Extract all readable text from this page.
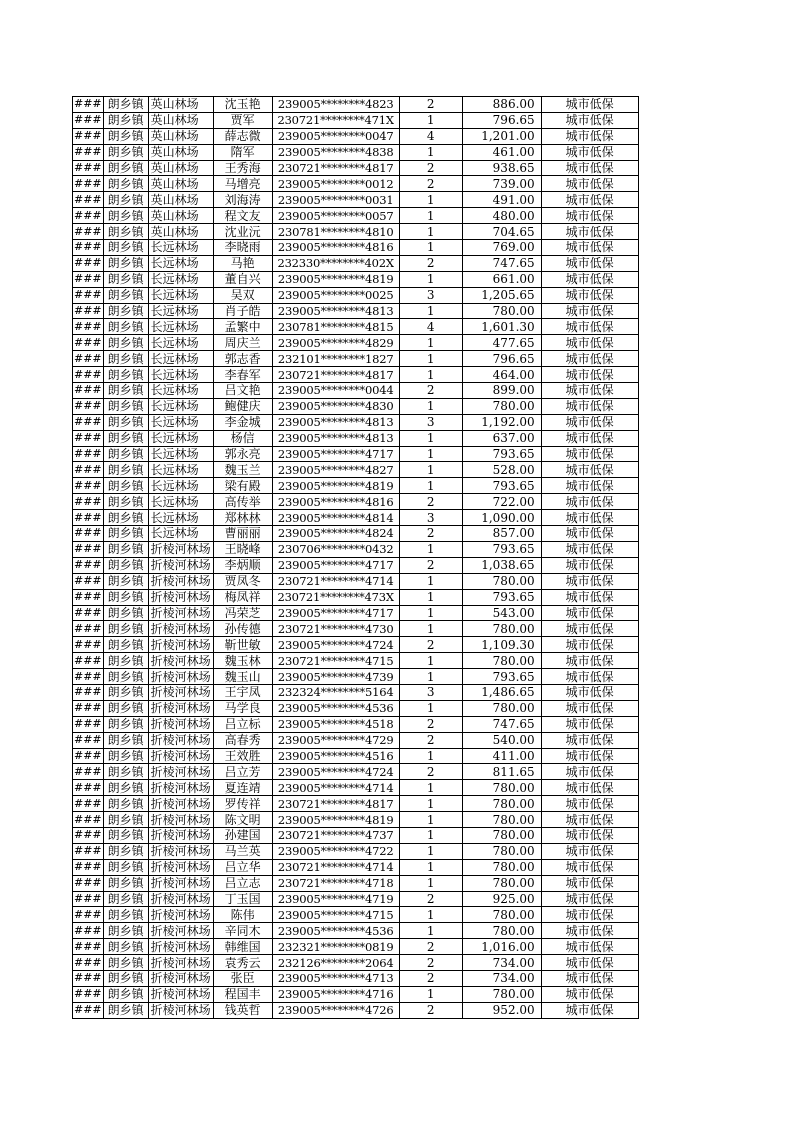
###	朗乡镇	英山林场	沈玉艳	239005********4823	2	886.00	城市低保
###	朗乡镇	英山林场	贾军	230721********471X	1	796.65	城市低保
###	朗乡镇	英山林场	薛志微	239005********0047	4	1,201.00	城市低保
###	朗乡镇	英山林场	隋军	239005********4838	1	461.00	城市低保
###	朗乡镇	英山林场	王秀海	230721********4817	2	938.65	城市低保
###	朗乡镇	英山林场	马增亮	239005********0012	2	739.00	城市低保
###	朗乡镇	英山林场	刘海涛	239005********0031	1	491.00	城市低保
###	朗乡镇	英山林场	程文友	239005********0057	1	480.00	城市低保
###	朗乡镇	英山林场	沈业沅	230781********4810	1	704.65	城市低保
###	朗乡镇	长远林场	李晓雨	239005********4816	1	769.00	城市低保
###	朗乡镇	长远林场	马艳	232330********402X	2	747.65	城市低保
###	朗乡镇	长远林场	董自兴	239005********4819	1	661.00	城市低保
###	朗乡镇	长远林场	吴双	239005********0025	3	1,205.65	城市低保
###	朗乡镇	长远林场	肖子皓	239005********4813	1	780.00	城市低保
###	朗乡镇	长远林场	孟繁中	230781********4815	4	1,601.30	城市低保
###	朗乡镇	长远林场	周庆兰	239005********4829	1	477.65	城市低保
###	朗乡镇	长远林场	郭志香	232101********1827	1	796.65	城市低保
###	朗乡镇	长远林场	李春军	230721********4817	1	464.00	城市低保
###	朗乡镇	长远林场	吕文艳	239005********0044	2	899.00	城市低保
###	朗乡镇	长远林场	鲍健庆	239005********4830	1	780.00	城市低保
###	朗乡镇	长远林场	李金城	239005********4813	3	1,192.00	城市低保
###	朗乡镇	长远林场	杨信	239005********4813	1	637.00	城市低保
###	朗乡镇	长远林场	郭永亮	239005********4717	1	793.65	城市低保
###	朗乡镇	长远林场	魏玉兰	239005********4827	1	528.00	城市低保
###	朗乡镇	长远林场	梁有殿	239005********4819	1	793.65	城市低保
###	朗乡镇	长远林场	高传举	239005********4816	2	722.00	城市低保
###	朗乡镇	长远林场	郑林林	239005********4814	3	1,090.00	城市低保
###	朗乡镇	长远林场	曹丽丽	239005********4824	2	857.00	城市低保
###	朗乡镇	折棱河林场	王晓峰	230706********0432	1	793.65	城市低保
###	朗乡镇	折棱河林场	李炳顺	239005********4717	2	1,038.65	城市低保
###	朗乡镇	折棱河林场	贾凤冬	230721********4714	1	780.00	城市低保
###	朗乡镇	折棱河林场	梅凤祥	230721********473X	1	793.65	城市低保
###	朗乡镇	折棱河林场	冯荣芝	239005********4717	1	543.00	城市低保
###	朗乡镇	折棱河林场	孙传德	230721********4730	1	780.00	城市低保
###	朗乡镇	折棱河林场	靳世敏	239005********4724	2	1,109.30	城市低保
###	朗乡镇	折棱河林场	魏玉林	230721********4715	1	780.00	城市低保
###	朗乡镇	折棱河林场	魏玉山	239005********4739	1	793.65	城市低保
###	朗乡镇	折棱河林场	王宇凤	232324********5164	3	1,486.65	城市低保
###	朗乡镇	折棱河林场	马学良	239005********4536	1	780.00	城市低保
###	朗乡镇	折棱河林场	吕立标	239005********4518	2	747.65	城市低保
###	朗乡镇	折棱河林场	高春秀	239005********4729	2	540.00	城市低保
###	朗乡镇	折棱河林场	王效胜	239005********4516	1	411.00	城市低保
###	朗乡镇	折棱河林场	吕立芳	239005********4724	2	811.65	城市低保
###	朗乡镇	折棱河林场	夏连靖	239005********4714	1	780.00	城市低保
###	朗乡镇	折棱河林场	罗传祥	230721********4817	1	780.00	城市低保
###	朗乡镇	折棱河林场	陈文明	239005********4819	1	780.00	城市低保
###	朗乡镇	折棱河林场	孙建国	230721********4737	1	780.00	城市低保
###	朗乡镇	折棱河林场	马兰英	239005********4722	1	780.00	城市低保
###	朗乡镇	折棱河林场	吕立华	230721********4714	1	780.00	城市低保
###	朗乡镇	折棱河林场	吕立志	230721********4718	1	780.00	城市低保
###	朗乡镇	折棱河林场	丁玉国	239005********4719	2	925.00	城市低保
###	朗乡镇	折棱河林场	陈伟	239005********4715	1	780.00	城市低保
###	朗乡镇	折棱河林场	辛同木	239005********4536	1	780.00	城市低保
###	朗乡镇	折棱河林场	韩维国	232321********0819	2	1,016.00	城市低保
###	朗乡镇	折棱河林场	袁秀云	232126********2064	2	734.00	城市低保
###	朗乡镇	折棱河林场	张臣	239005********4713	2	734.00	城市低保
###	朗乡镇	折棱河林场	程国丰	239005********4716	1	780.00	城市低保
###	朗乡镇	折棱河林场	钱英哲	239005********4726	2	952.00	城市低保
